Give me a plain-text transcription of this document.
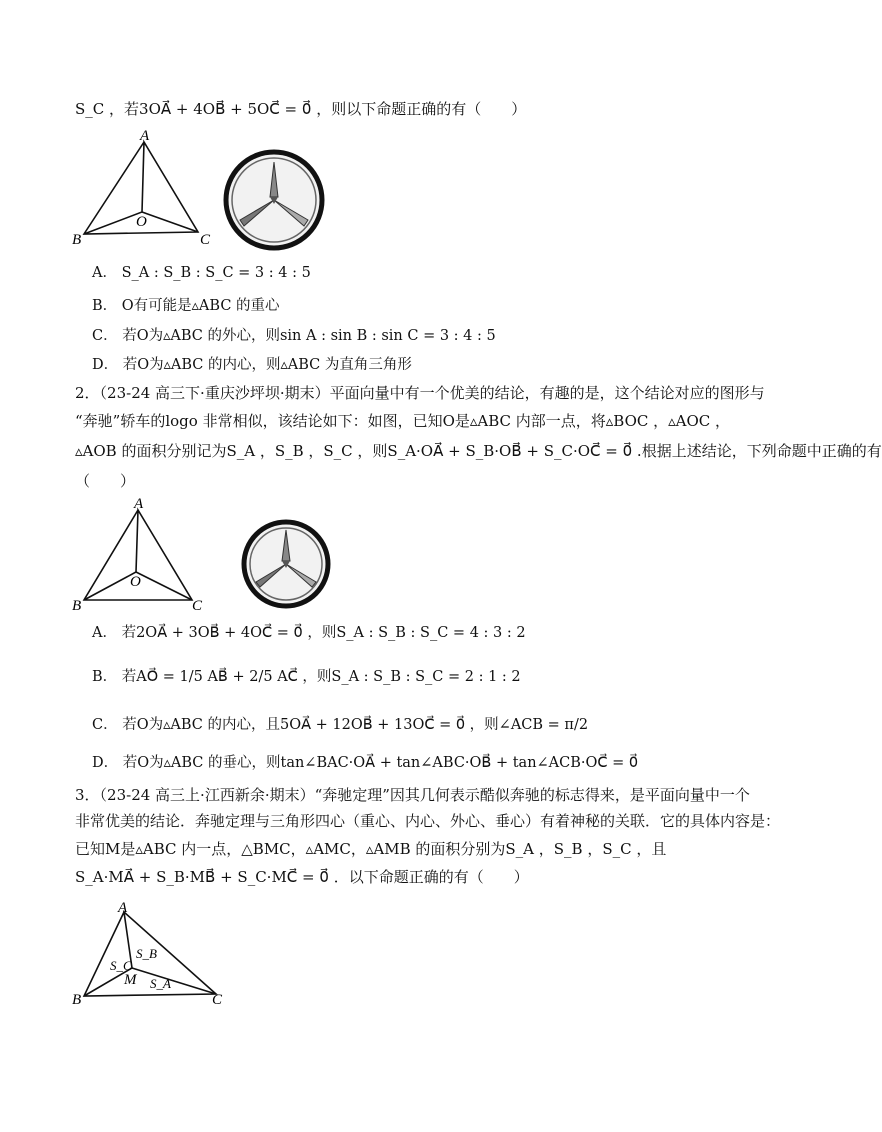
S_C ，若3OA⃗ + 4OB⃗ + 5OC⃗ = 0⃗ ，则以下命题正确的有（　　）
A
B	C
O
A． S_A : S_B : S_C = 3 : 4 : 5
B． O有可能是▵ABC 的重心
C． 若O为▵ABC 的外心，则sin A : sin B : sin C = 3 : 4 : 5
D． 若O为▵ABC 的内心，则▵ABC 为直角三角形
2．（23-24 高三下·重庆沙坪坝·期末）平面向量中有一个优美的结论，有趣的是，这个结论对应的图形与
“奔驰”轿车的logo 非常相似，该结论如下：如图，已知O是▵ABC 内部一点，将▵BOC ，▵AOC ，
▵AOB 的面积分别记为S_A ，S_B ，S_C ，则S_A·OA⃗ + S_B·OB⃗ + S_C·OC⃗ = 0⃗ .根据上述结论，下列命题中正确的有
（　　）
A
B	C
O
A． 若2OA⃗ + 3OB⃗ + 4OC⃗ = 0⃗ ，则S_A : S_B : S_C = 4 : 3 : 2
B． 若AO⃗ = 1/5 AB⃗ + 2/5 AC⃗ ，则S_A : S_B : S_C = 2 : 1 : 2
C． 若O为▵ABC 的内心，且5OA⃗ + 12OB⃗ + 13OC⃗ = 0⃗ ，则∠ACB = π/2
D． 若O为▵ABC 的垂心，则tan∠BAC·OA⃗ + tan∠ABC·OB⃗ + tan∠ACB·OC⃗ = 0⃗
3．（23-24 高三上·江西新余·期末）“奔驰定理”因其几何表示酷似奔驰的标志得来，是平面向量中一个
非常优美的结论．奔驰定理与三角形四心（重心、内心、外心、垂心）有着神秘的关联．它的具体内容是：
已知M是▵ABC 内一点，△BMC，▵AMC，▵AMB 的面积分别为S_A ，S_B ，S_C ，且
S_A·MA⃗ + S_B·MB⃗ + S_C·MC⃗ = 0⃗ ．以下命题正确的有（　　）
A
B	C
M
S_B
S_C
S_A
